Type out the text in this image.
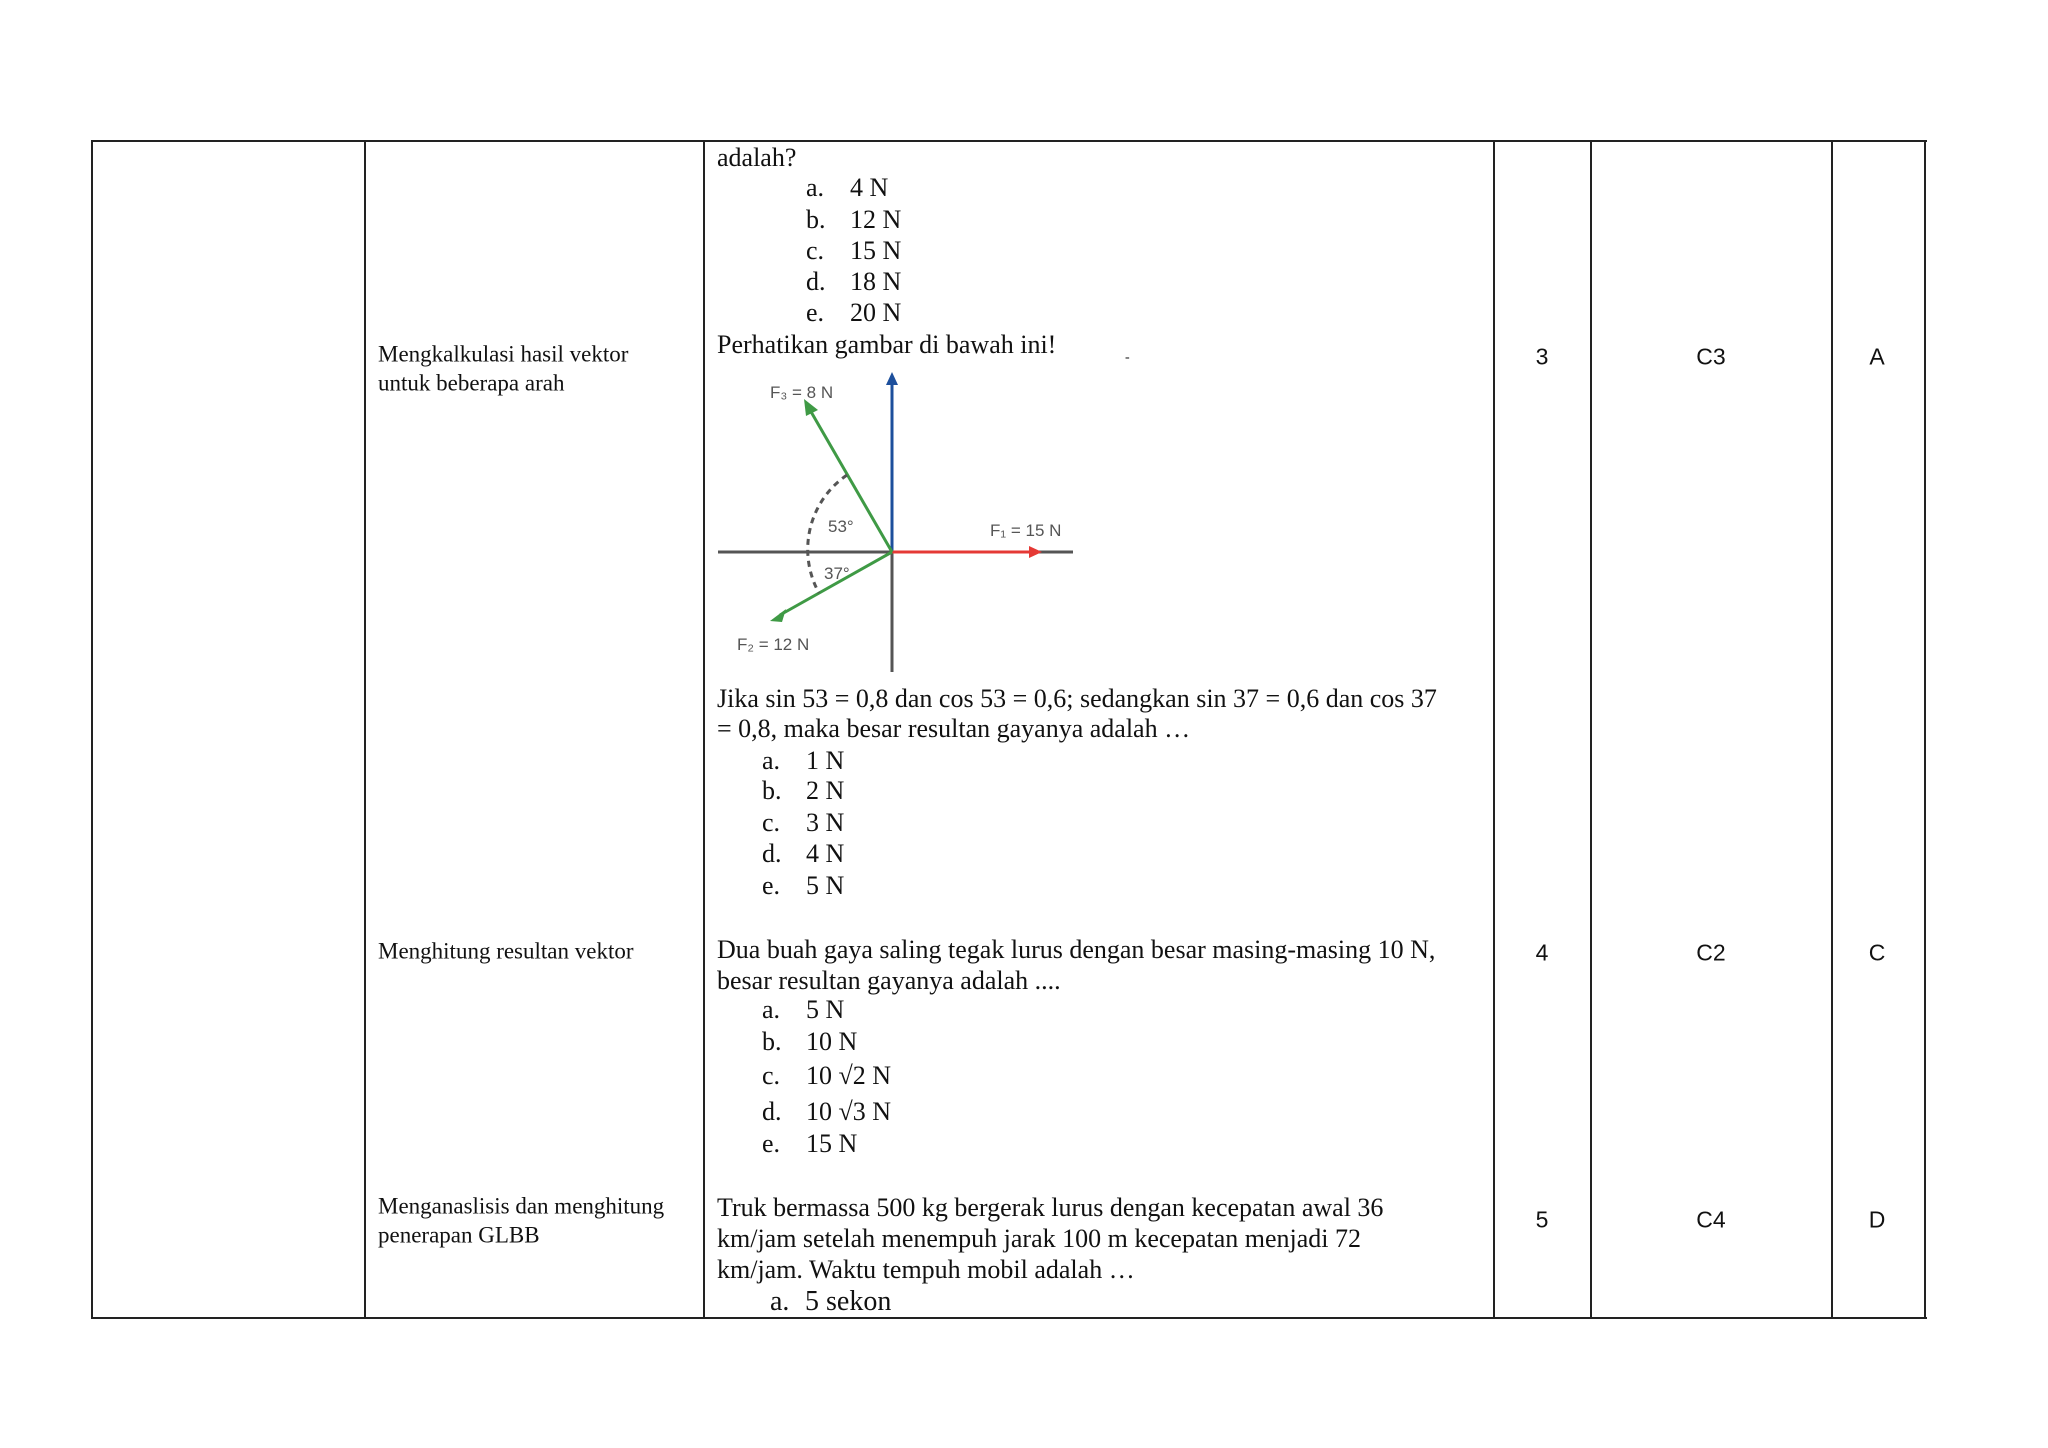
Mengkalkulasi hasil vektor
untuk beberapa arah
adalah?
a. 4 N
b. 12 N
c. 15 N
d. 18 N
e. 20 N
Perhatikan gambar di bawah ini!	-
F₃ = 8 N
F₁ = 15 N
F₂ = 12 N
53°
37°
Jika sin 53 = 0,8 dan cos 53 = 0,6; sedangkan sin 37 = 0,6 dan cos 37
= 0,8, maka besar resultan gayanya adalah …
a. 1 N
b. 2 N
c. 3 N
d. 4 N
e. 5 N
3	C3	A
Menghitung resultan vektor	Dua buah gaya saling tegak lurus dengan besar masing-masing 10 N,
besar resultan gayanya adalah ....
a. 5 N
b. 10 N
c. 10 √2 N
d. 10 √3 N
e. 15 N
4	C2	C
Menganaslisis dan menghitung
penerapan GLBB
Truk bermassa 500 kg bergerak lurus dengan kecepatan awal 36
km/jam setelah menempuh jarak 100 m kecepatan menjadi 72
km/jam. Waktu tempuh mobil adalah …
a. 5 sekon
5	C4	D
